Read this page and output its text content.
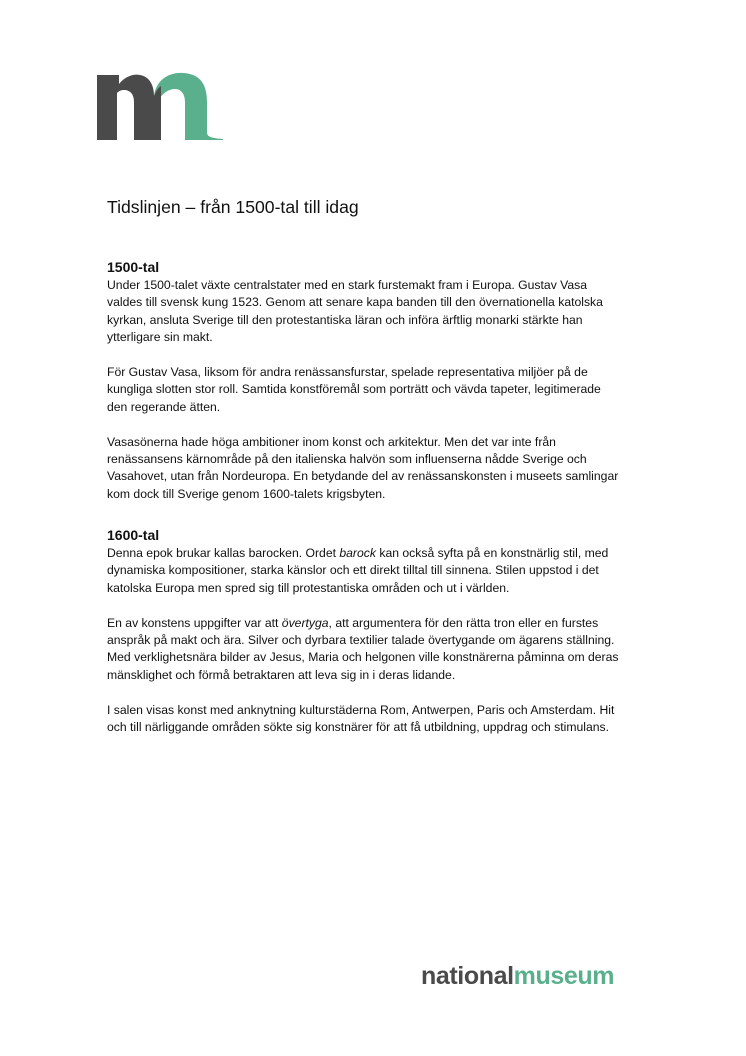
Tidslinjen – från 1500-tal till idag
1500-tal

Under 1500-talet växte centralstater med en stark furstemakt fram i Europa. Gustav Vasa
valdes till svensk kung 1523. Genom att senare kapa banden till den övernationella katolska
kyrkan, ansluta Sverige till den protestantiska läran och införa ärftlig monarki stärkte han
ytterligare sin makt.

För Gustav Vasa, liksom för andra renässansfurstar, spelade representativa miljöer på de
kungliga slotten stor roll. Samtida konstföremål som porträtt och vävda tapeter, legitimerade
den regerande ätten.

Vasasönerna hade höga ambitioner inom konst och arkitektur. Men det var inte från
renässansens kärnområde på den italienska halvön som influenserna nådde Sverige och
Vasahovet, utan från Nordeuropa. En betydande del av renässanskonsten i museets samlingar
kom dock till Sverige genom 1600-talets krigsbyten.

1600-tal

Denna epok brukar kallas barocken. Ordet barock kan också syfta på en konstnärlig stil, med
dynamiska kompositioner, starka känslor och ett direkt tilltal till sinnena. Stilen uppstod i det
katolska Europa men spred sig till protestantiska områden och ut i världen.

En av konstens uppgifter var att övertyga, att argumentera för den rätta tron eller en furstes
anspråk på makt och ära. Silver och dyrbara textilier talade övertygande om ägarens ställning.
Med verklighetsnära bilder av Jesus, Maria och helgonen ville konstnärerna påminna om deras
mänsklighet och förmå betraktaren att leva sig in i deras lidande.

I salen visas konst med anknytning kulturstäderna Rom, Antwerpen, Paris och Amsterdam. Hit
och till närliggande områden sökte sig konstnärer för att få utbildning, uppdrag och stimulans.

nationalmuseum
